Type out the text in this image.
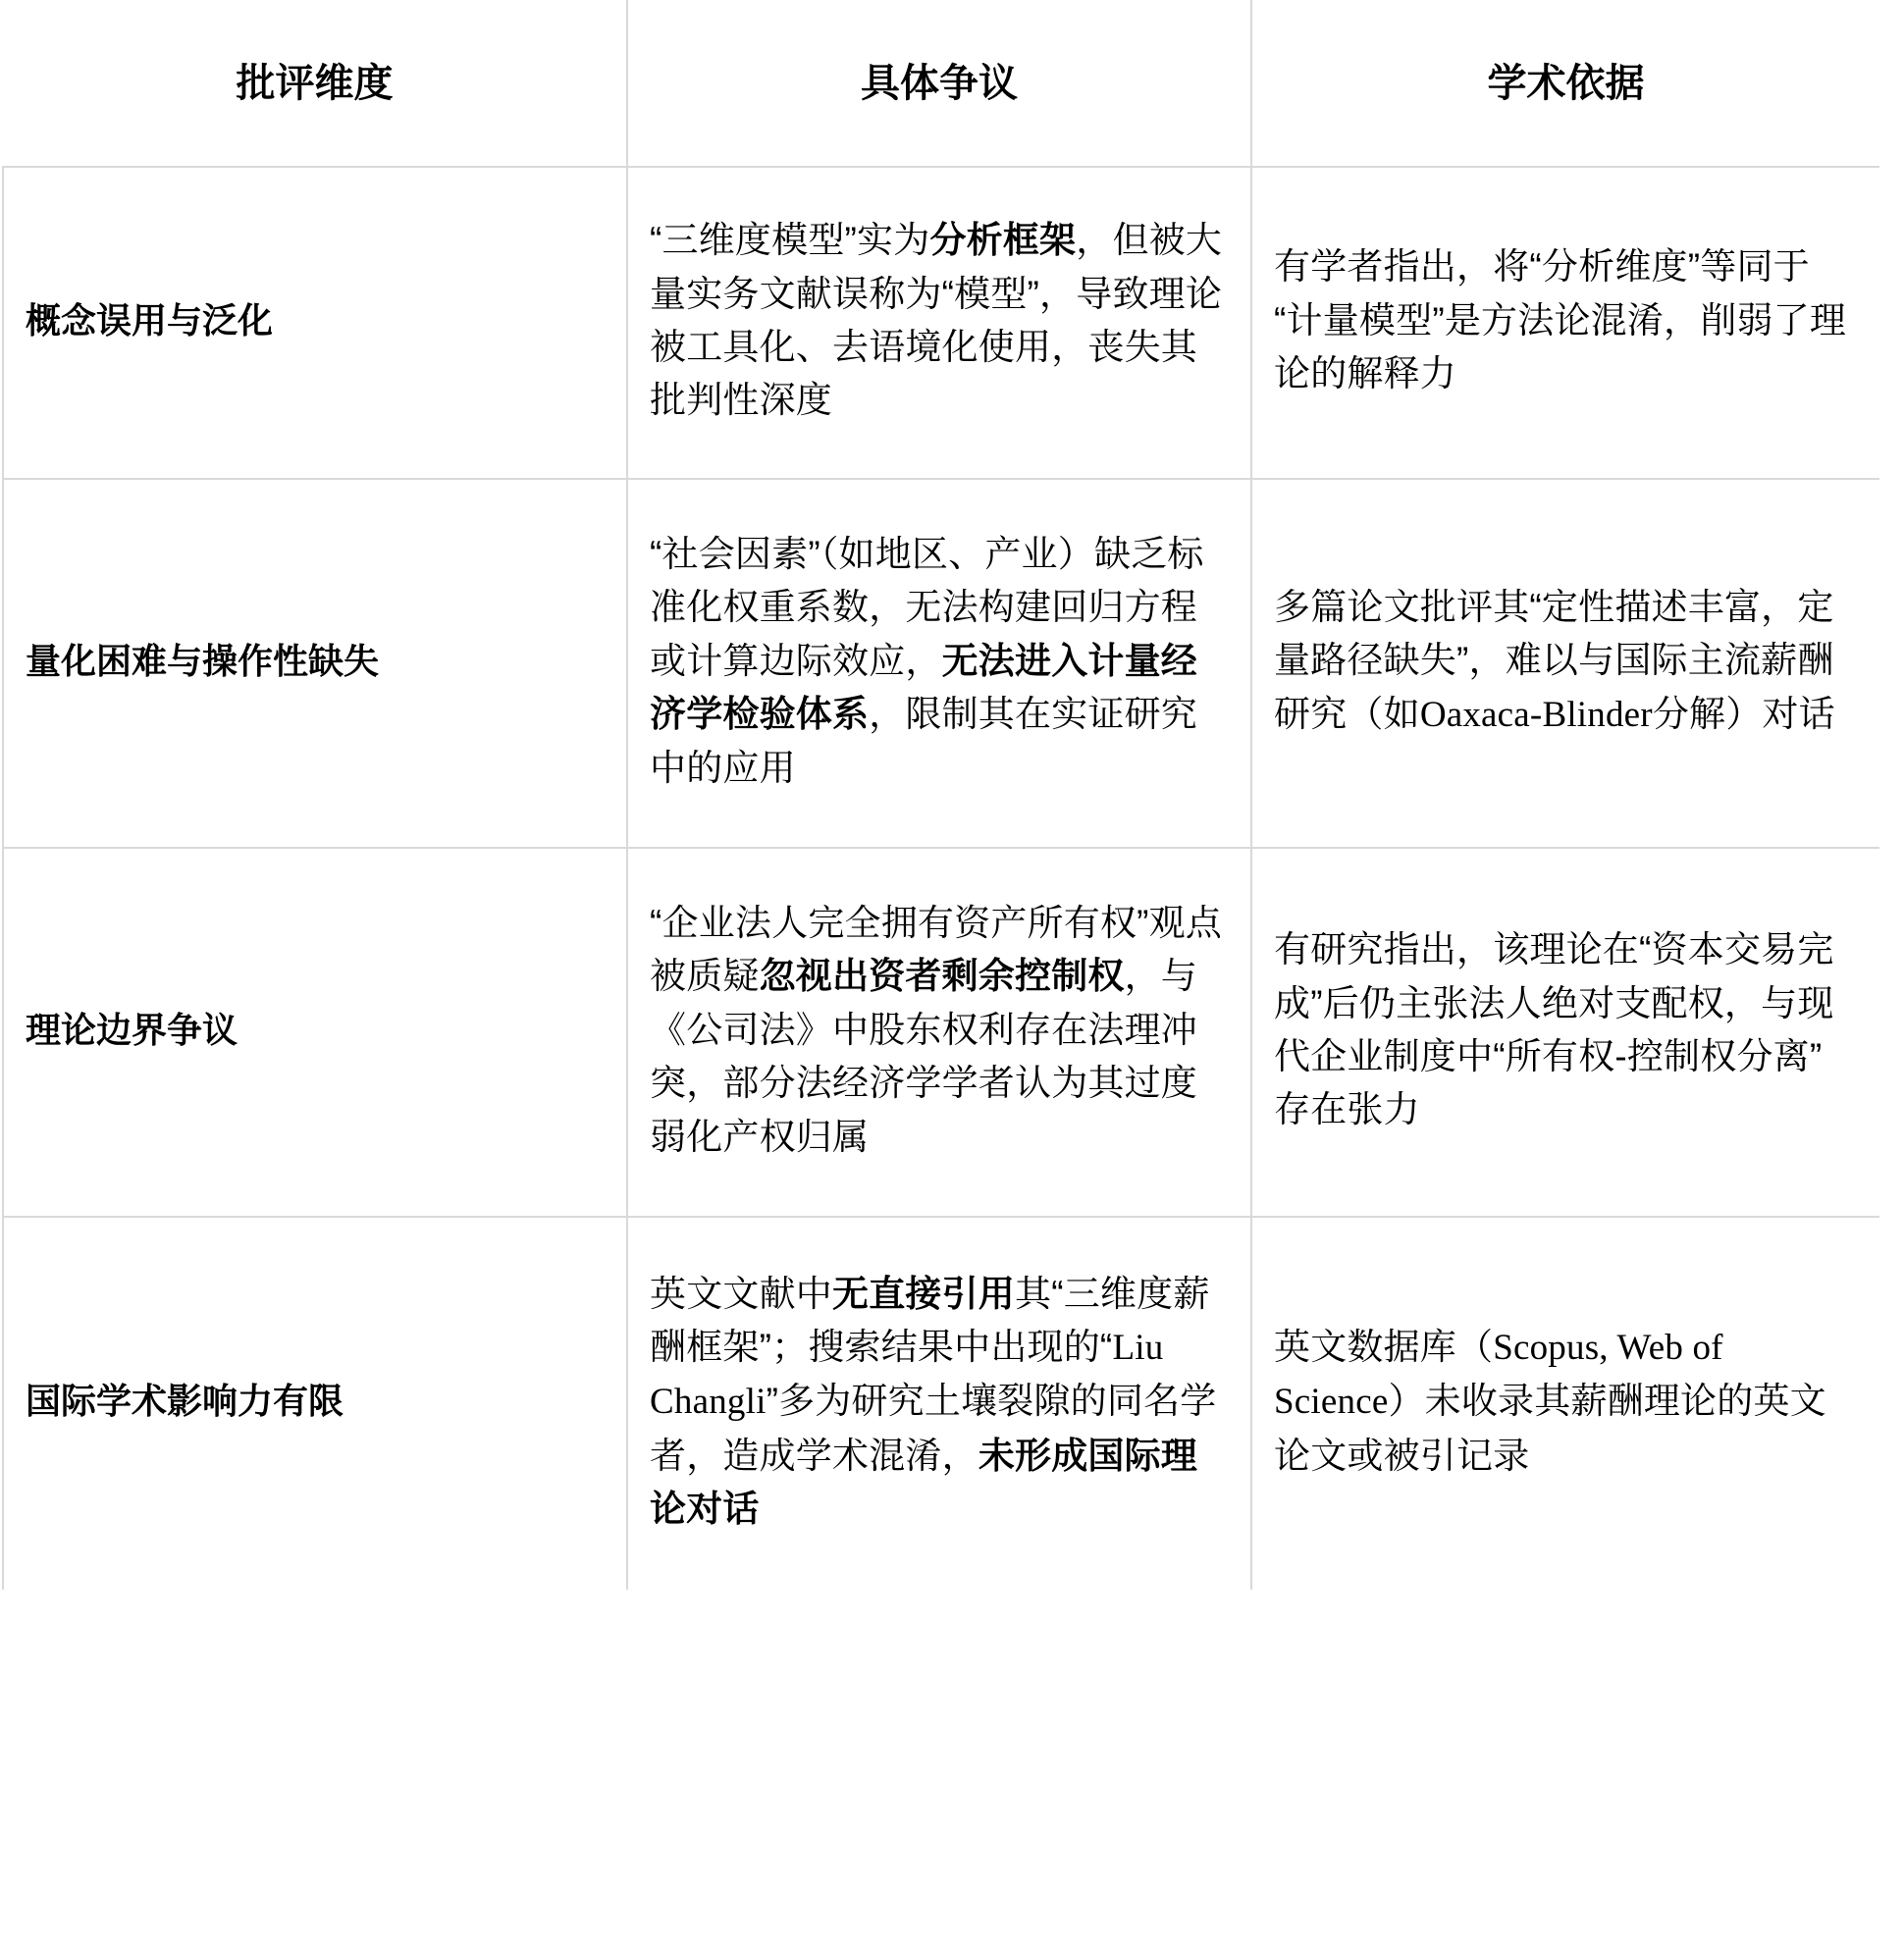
批评维度	具体争议	学术依据
概念误用与泛化	“三维度模型”实为分析框架，但被大量实务文献误称为“模型”，导致理论被工具化、去语境化使用，丧失其批判性深度	有学者指出，将“分析维度”等同于“计量模型”是方法论混淆，削弱了理论的解释力
量化困难与操作性缺失	“社会因素”（如地区、产业）缺乏标准化权重系数，无法构建回归方程或计算边际效应，无法进入计量经济学检验体系，限制其在实证研究中的应用	多篇论文批评其“定性描述丰富，定量路径缺失”，难以与国际主流薪酬研究（如Oaxaca-Blinder分解）对话
理论边界争议	“企业法人完全拥有资产所有权”观点被质疑忽视出资者剩余控制权，与《公司法》中股东权利存在法理冲突，部分法经济学学者认为其过度弱化产权归属	有研究指出，该理论在“资本交易完成”后仍主张法人绝对支配权，与现代企业制度中“所有权-控制权分离”存在张力
国际学术影响力有限	英文文献中无直接引用其“三维度薪酬框架”；搜索结果中出现的“Liu Changli”多为研究土壤裂隙的同名学者，造成学术混淆，未形成国际理论对话	英文数据库（Scopus, Web of Science）未收录其薪酬理论的英文论文或被引记录
